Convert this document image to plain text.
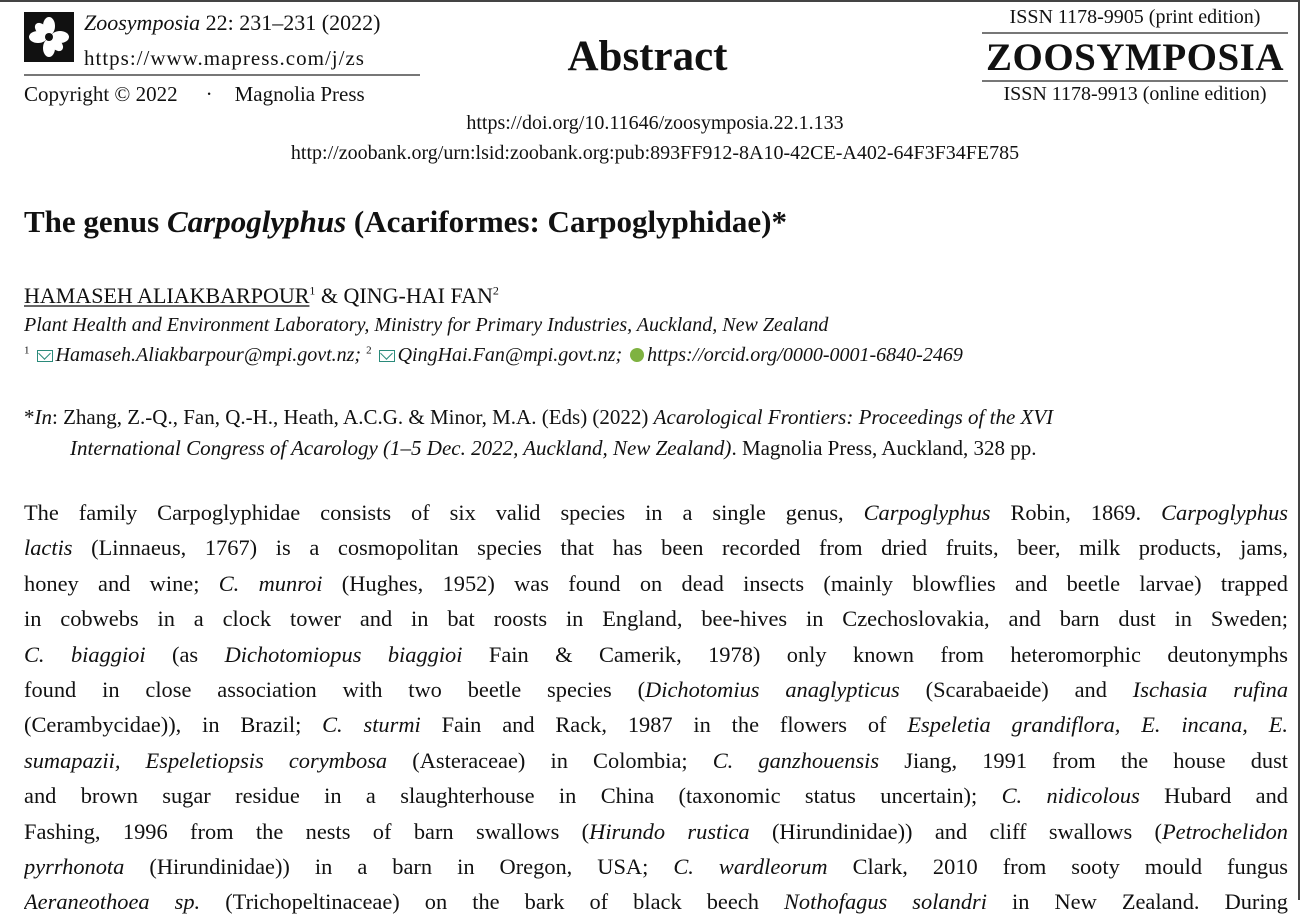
Zoosymposia 22: 231–231 (2022)
https://www.mapress.com/j/zs
Copyright © 2022 · Magnolia Press
Abstract
ISSN 1178-9905 (print edition)
ZOOSYMPOSIA
ISSN 1178-9913 (online edition)
https://doi.org/10.11646/zoosymposia.22.1.133
http://zoobank.org/urn:lsid:zoobank.org:pub:893FF912-8A10-42CE-A402-64F3F34FE785
The genus Carpoglyphus (Acariformes: Carpoglyphidae)*
HAMASEH ALIAKBARPOUR$^1$ & QING-HAI FAN$^2$
Plant Health and Environment Laboratory, Ministry for Primary Industries, Auckland, New Zealand
$^1$ Hamaseh.Aliakbarpour@mpi.govt.nz; $^2$ QingHai.Fan@mpi.govt.nz; https://orcid.org/0000-0001-6840-2469
*In: Zhang, Z.-Q., Fan, Q.-H., Heath, A.C.G. & Minor, M.A. (Eds) (2022) Acarological Frontiers: Proceedings of the XVI
International Congress of Acarology (1–5 Dec. 2022, Auckland, New Zealand). Magnolia Press, Auckland, 328 pp.
The family Carpoglyphidae consists of six valid species in a single genus, Carpoglyphus Robin, 1869. Carpoglyphus
lactis (Linnaeus, 1767) is a cosmopolitan species that has been recorded from dried fruits, beer, milk products, jams,
honey and wine; C. munroi (Hughes, 1952) was found on dead insects (mainly blowflies and beetle larvae) trapped
in cobwebs in a clock tower and in bat roosts in England, bee-hives in Czechoslovakia, and barn dust in Sweden;
C. biaggioi (as Dichotomiopus biaggioi Fain & Camerik, 1978) only known from heteromorphic deutonymphs
found in close association with two beetle species (Dichotomius anaglypticus (Scarabaeide) and Ischasia rufina
(Cerambycidae)), in Brazil; C. sturmi Fain and Rack, 1987 in the flowers of Espeletia grandiflora, E. incana, E.
sumapazii, Espeletiopsis corymbosa (Asteraceae) in Colombia; C. ganzhouensis Jiang, 1991 from the house dust
and brown sugar residue in a slaughterhouse in China (taxonomic status uncertain); C. nidicolous Hubard and
Fashing, 1996 from the nests of barn swallows (Hirundo rustica (Hirundinidae)) and cliff swallows (Petrochelidon
pyrrhonota (Hirundinidae)) in a barn in Oregon, USA; C. wardleorum Clark, 2010 from sooty mould fungus
Aeraneothoea sp. (Trichopeltinaceae) on the bark of black beech Nothofagus solandri in New Zealand. During
